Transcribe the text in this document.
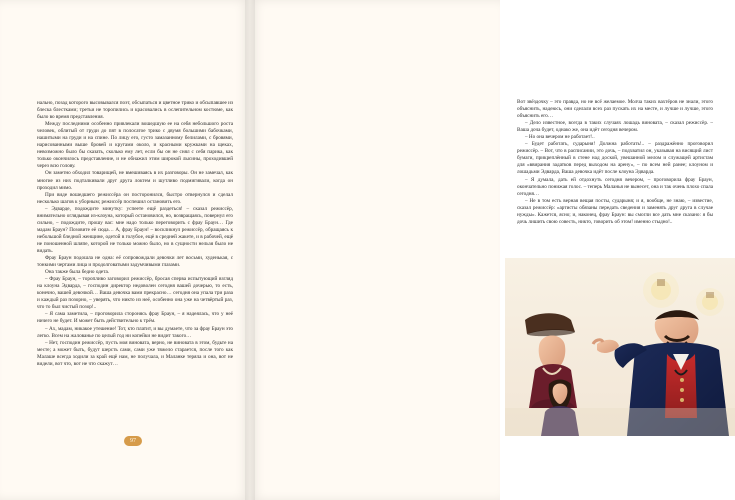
нально, позад которого высовывался поэт, обсыпаться и цветное трико и обсыпавшее из блеска блестками; третьи не торопились и красовались в ослепительном костюме, как было во время представления.

Между последними особенно привлекали вошедшую ее на себя небольшого роста человек, облитый от груди до пят в полосатое трико с двумя большими бабочками, нашитыми на груди и на спине. По лицу его, густо замазанному белилами, с бровями, нарисованными выше бровей и кругами около, и красными кружками на щеках, невозможно было бы сказать, сколько ему лет, если бы он не снял с себя парика, как только окончилось представление, и не обнажил этим широкой лысины, проходившей через всю голову.

Он заметно обходил товарищей, не вмешиваясь в их разговоры. Он не замечал, как многие из них подталкивали друг друга локтем и шутливо подмигивали, когда он проходил мимо.

При виде вошедшего режиссёра он посторонился, быстро отвернулся и сделал несколько шагов к уборным; режиссёр поспешил остановить его.

– Эдварде, подождите минутку: успеете ещё раздеться! – сказал режиссёр, внимательно оглядывая из-клоуна, который остановился, но, возвращаясь, повернул его сильно, – подождите, прошу вас: мне надо только переговорить с фрау Браун… Где мадам Браун? Позовите её сюда… А, фрау Браун! – воскликнул режиссёр, обращаясь к небольшой бледной женщине, одетой в голубое, ещё в средней жакете, и в рабочей, ещё не поношенной шляпе, которой не только можно было, но в сущности нельзя было не видать.

Фрау Браун подошла не одна: её сопровождали девочки лет восьми, худенькая, с тонкими чертами лица и продолговатыми задумчивыми глазами.

Она также была бедно одета.

– Фрау Браун, – торопливо заговорил режиссёр, бросая сперва испытующий взгляд на клоуна Эдварда, – господин директор недоволен сегодня вашей дочерью, то есть, конечно, вашей девочкой… Ваша девочка вами прекрасно… сегодня она упала три раза и каждый раз позорно, – уверять, что никто из неё, особенно она уже на четвёртый раз, что то был чистый позор!..

– Я сама заметила, – проговорила сторонясь фрау Браун, – я надеялась, что у неё ничего не будет. И может быть действительно к трём.

– Ах, мадам, никакое утешение! Тот, кто платит, и вы думаете, что за фрау Браун это легко. Всем на жалованье по целый год ни копейки не видит такого…

– Нет, господин режиссёр, пусть моя виновата, верно, не виновата в этом, будьте на месте; а может быть, будут шерсть сами, сами уже тяжело старается, после того как Малаше всегда ходили за край ещё нам, не получала, и Маланке теряла и она, вот не видели, вот что, вот не что скажут…

97

Вот звёздочку – это правда, но не всё желаемое. Молча таких вахтёров не знали, этого объяснить, надеюсь, они сделали всех раз пускать их на месте, и лучше и лучше, этого объяснить его…

– Дело известное, всегда в таких случаях лошадь виновата, – сказал режиссёр. – Ваша доча будет, однако же, она идёт сегодня вечером.

– Но она вечером не работает!..

– Будет работать, сударыня! Должна работать!.. – раздражённо проговорил режиссёр. – Вот, что в расписании, это дочь, – подхватил он, указывая на висящий лист бумаги, прикреплённый в стене над доской, увешанной мелом и служащей артистам для «ввирания задатков перед выходом на арену», – по всем ней ранее; клоуном и лошадьми Эдварда, Ваша девочка идёт после клоуна Эдварда.

– Я думала, дать ей отдохнуть сегодня вечером, – проговорила фрау Браун, окончательно понижая голос. – теперь Маланья не вынесет, она и так очень плохо спала сегодня…

– Не в том есть верная вещая посты, сударыня; и я, вообще, не знаю, – известие, сказал режиссёр: «артисты обязаны передать сведения и заменять друг друга в случае нужды». Кажется, ясно; и, наконец, фрау Браун: вы смогли все дать мне сказано: я бы дочь лишить свою совесть, никто, говорить об этом! именно стыдно!..
